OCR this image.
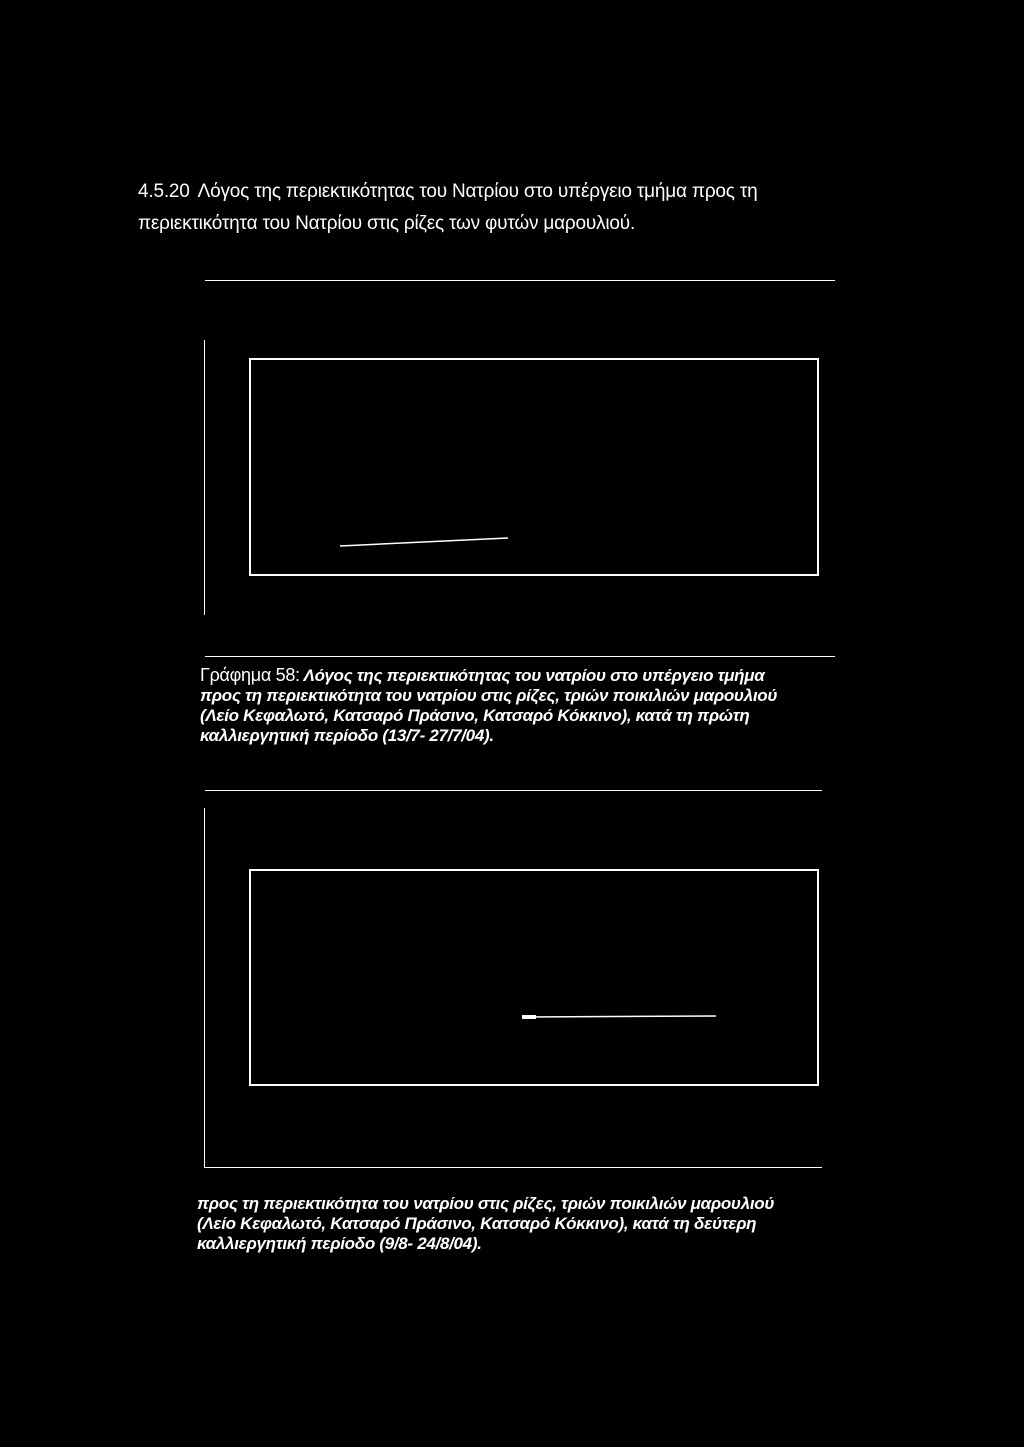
4.5.20 Λόγος της περιεκτικότητας του Νατρίου στο υπέργειο τμήμα προς τη
περιεκτικότητα του Νατρίου στις ρίζες των φυτών μαρουλιού.
Γράφημα 58: Λόγος της περιεκτικότητας του νατρίου στο υπέργειο τμήμα
προς τη περιεκτικότητα του νατρίου στις ρίζες, τριών ποικιλιών μαρουλιού
(Λείο Κεφαλωτό, Κατσαρό Πράσινο, Κατσαρό Κόκκινο), κατά τη πρώτη
καλλιεργητική περίοδο (13/7- 27/7/04).
προς τη περιεκτικότητα του νατρίου στις ρίζες, τριών ποικιλιών μαρουλιού
(Λείο Κεφαλωτό, Κατσαρό Πράσινο, Κατσαρό Κόκκινο), κατά τη δεύτερη
καλλιεργητική περίοδο (9/8- 24/8/04).
